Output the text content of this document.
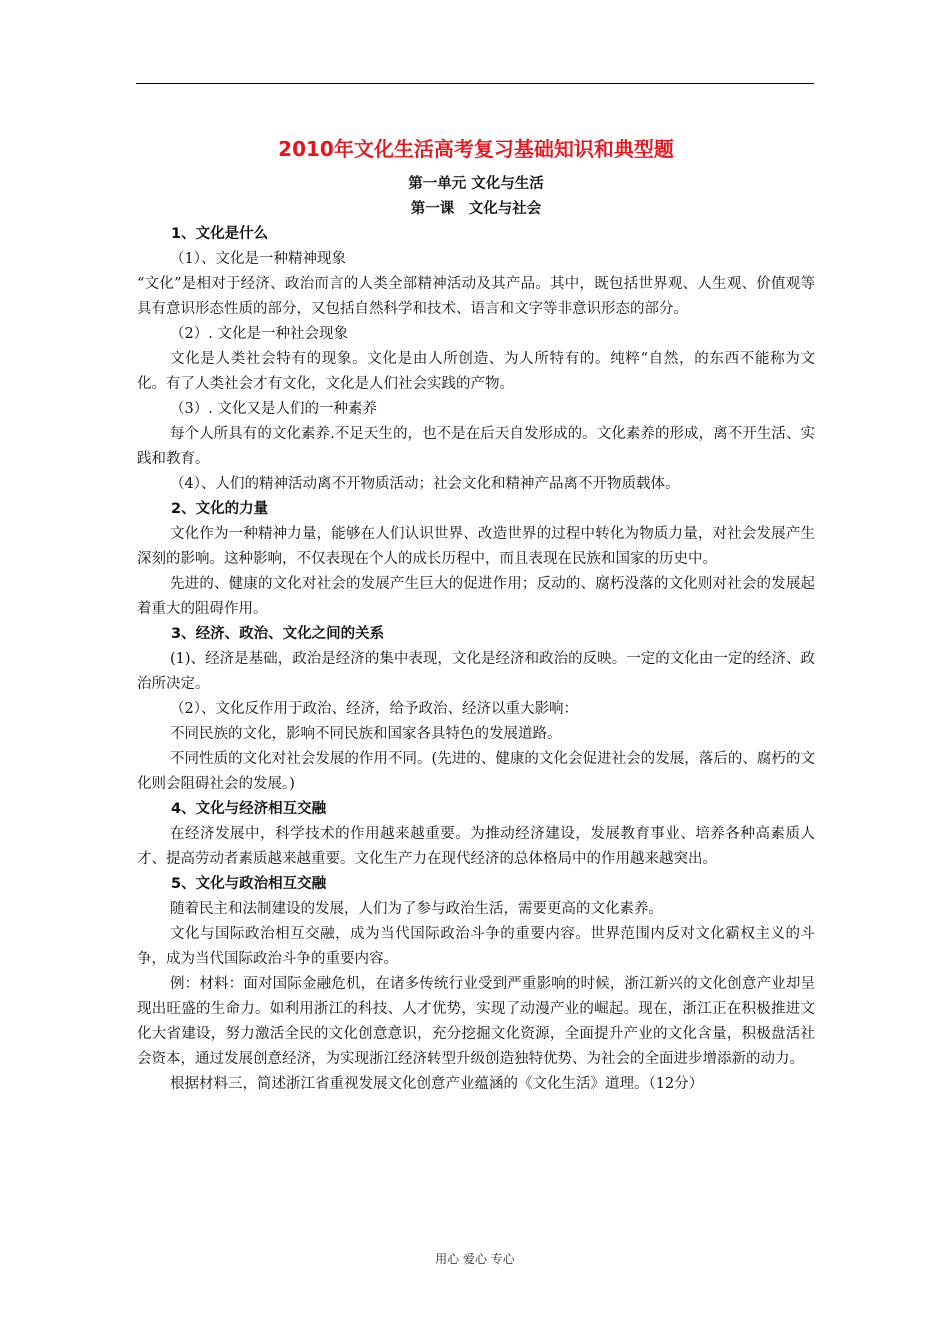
2010年文化生活高考复习基础知识和典型题

第一单元 文化与生活

第一课　文化与社会

1、文化是什么

（1）、文化是一种精神现象

“文化”是相对于经济、政治而言的人类全部精神活动及其产品。其中，既包括世界观、人生观、价值观等具有意识形态性质的部分，又包括自然科学和技术、语言和文字等非意识形态的部分。

（2）. 文化是一种社会现象

文化是人类社会特有的现象。文化是由人所创造、为人所特有的。纯粹“自然，的东西不能称为文化。有了人类社会才有文化，文化是人们社会实践的产物。

（3）. 文化又是人们的一种素养

每个人所具有的文化素养.不足天生的，也不是在后天自发形成的。文化素养的形成，离不开生活、实践和教育。

（4）、人们的精神活动离不开物质活动；社会文化和精神产品离不开物质载体。

2、文化的力量

文化作为一种精神力量，能够在人们认识世界、改造世界的过程中转化为物质力量，对社会发展产生深刻的影响。这种影响，不仅表现在个人的成长历程中，而且表现在民族和国家的历史中。

先进的、健康的文化对社会的发展产生巨大的促进作用；反动的、腐朽没落的文化则对社会的发展起着重大的阻碍作用。

3、经济、政治、文化之间的关系

(1)、经济是基础，政治是经济的集中表现，文化是经济和政治的反映。一定的文化由一定的经济、政治所决定。

（2）、文化反作用于政治、经济，给予政治、经济以重大影响：

不同民族的文化，影响不同民族和国家各具特色的发展道路。

不同性质的文化对社会发展的作用不同。(先进的、健康的文化会促进社会的发展，落后的、腐朽的文化则会阻碍社会的发展。)

4、文化与经济相互交融

在经济发展中，科学技术的作用越来越重要。为推动经济建设，发展教育事业、培养各种高素质人才、提高劳动者素质越来越重要。文化生产力在现代经济的总体格局中的作用越来越突出。

5、文化与政治相互交融

随着民主和法制建设的发展，人们为了参与政治生活，需要更高的文化素养。

文化与国际政治相互交融，成为当代国际政治斗争的重要内容。世界范围内反对文化霸权主义的斗争，成为当代国际政治斗争的重要内容。

例：材料：面对国际金融危机，在诸多传统行业受到严重影响的时候，浙江新兴的文化创意产业却呈现出旺盛的生命力。如利用浙江的科技、人才优势，实现了动漫产业的崛起。现在，浙江正在积极推进文化大省建设，努力激活全民的文化创意意识，充分挖掘文化资源，全面提升产业的文化含量，积极盘活社会资本，通过发展创意经济，为实现浙江经济转型升级创造独特优势、为社会的全面进步增添新的动力。

根据材料三，简述浙江省重视发展文化创意产业蕴涵的《文化生活》道理。（12分）

用心 爱心 专心
